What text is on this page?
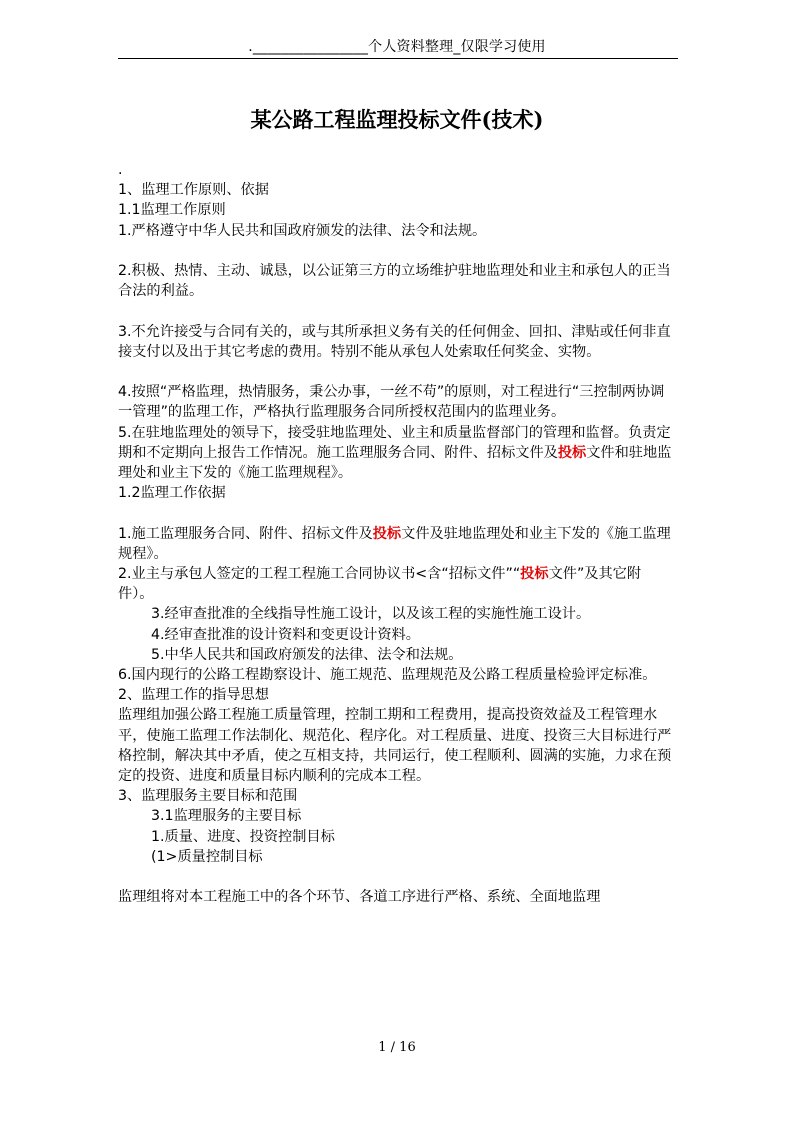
.________________个人资料整理_仅限学习使用
某公路工程监理投标文件(技术)

.

1、监理工作原则、依据

1.1监理工作原则

1.严格遵守中华人民共和国政府颁发的法律、法令和法规。

2.积极、热情、主动、诚恳，以公证第三方的立场维护驻地监理处和业主和承包人的正当合法的利益。

3.不允许接受与合同有关的，或与其所承担义务有关的任何佣金、回扣、津贴或任何非直接支付以及出于其它考虑的费用。特别不能从承包人处索取任何奖金、实物。

4.按照“严格监理，热情服务，秉公办事，一丝不苟”的原则，对工程进行“三控制两协调一管理”的监理工作，严格执行监理服务合同所授权范围内的监理业务。

5.在驻地监理处的领导下，接受驻地监理处、业主和质量监督部门的管理和监督。负责定期和不定期向上报告工作情况。施工监理服务合同、附件、招标文件及投标文件和驻地监理处和业主下发的《施工监理规程》。

1.2监理工作依据

1.施工监理服务合同、附件、招标文件及投标文件及驻地监理处和业主下发的《施工监理规程》。

2.业主与承包人签定的工程工程施工合同协议书<含“招标文件”“投标文件”及其它附件）。

3.经审查批准的全线指导性施工设计，以及该工程的实施性施工设计。

4.经审查批准的设计资料和变更设计资料。

5.中华人民共和国政府颁发的法律、法令和法规。

6.国内现行的公路工程勘察设计、施工规范、监理规范及公路工程质量检验评定标准。

2、监理工作的指导思想

监理组加强公路工程施工质量管理，控制工期和工程费用，提高投资效益及工程管理水平，使施工监理工作法制化、规范化、程序化。对工程质量、进度、投资三大目标进行严格控制，解决其中矛盾，使之互相支持，共同运行，使工程顺利、圆满的实施，力求在预定的投资、进度和质量目标内顺利的完成本工程。

3、监理服务主要目标和范围

3.1监理服务的主要目标

1.质量、进度、投资控制目标

(1>质量控制目标

监理组将对本工程施工中的各个环节、各道工序进行严格、系统、全面地监理

1 / 16
